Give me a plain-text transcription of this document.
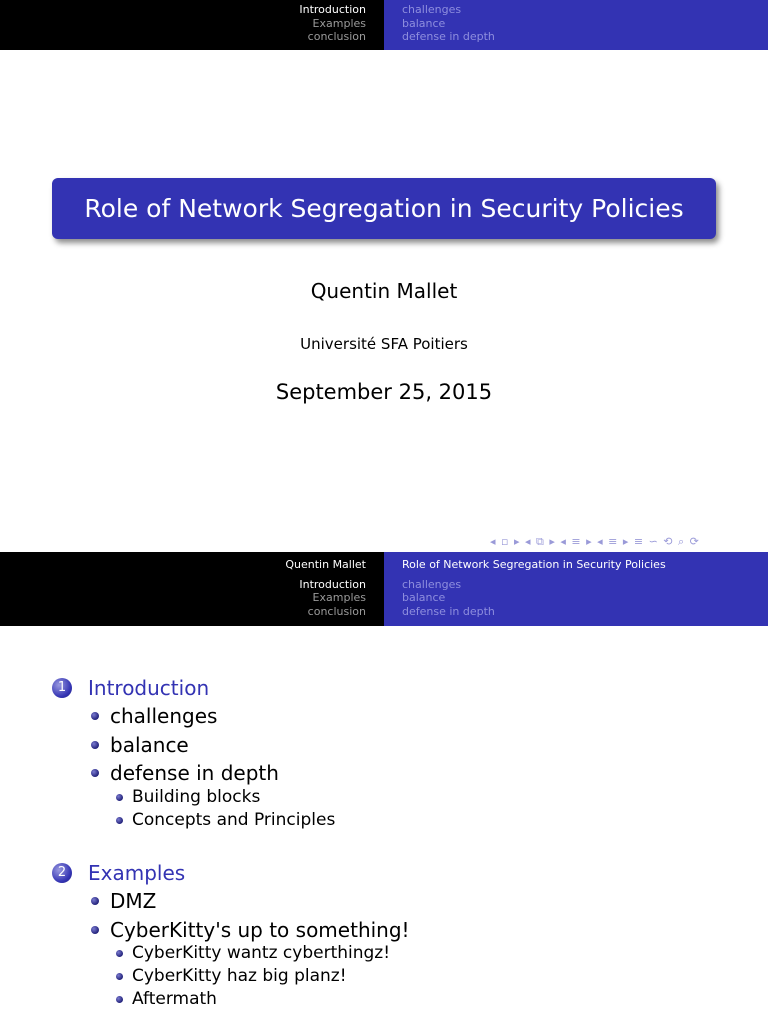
Introduction
Examples
conclusion
challenges
balance
defense in depth
Role of Network Segregation in Security Policies
Quentin Mallet
Université SFA Poitiers
September 25, 2015
◂ ▫ ▸ ◂ ⧉ ▸ ◂ ≡ ▸ ◂ ≡ ▸ ≡ ∽ ⟲ ⌕ ⟳
Quentin Mallet
Introduction
Examples
conclusion
Role of Network Segregation in Security Policies
challenges
balance
defense in depth
1 Introduction
challenges
balance
defense in depth
Building blocks
Concepts and Principles
2 Examples
DMZ
CyberKitty's up to something!
CyberKitty wantz cyberthingz!
CyberKitty haz big planz!
Aftermath
